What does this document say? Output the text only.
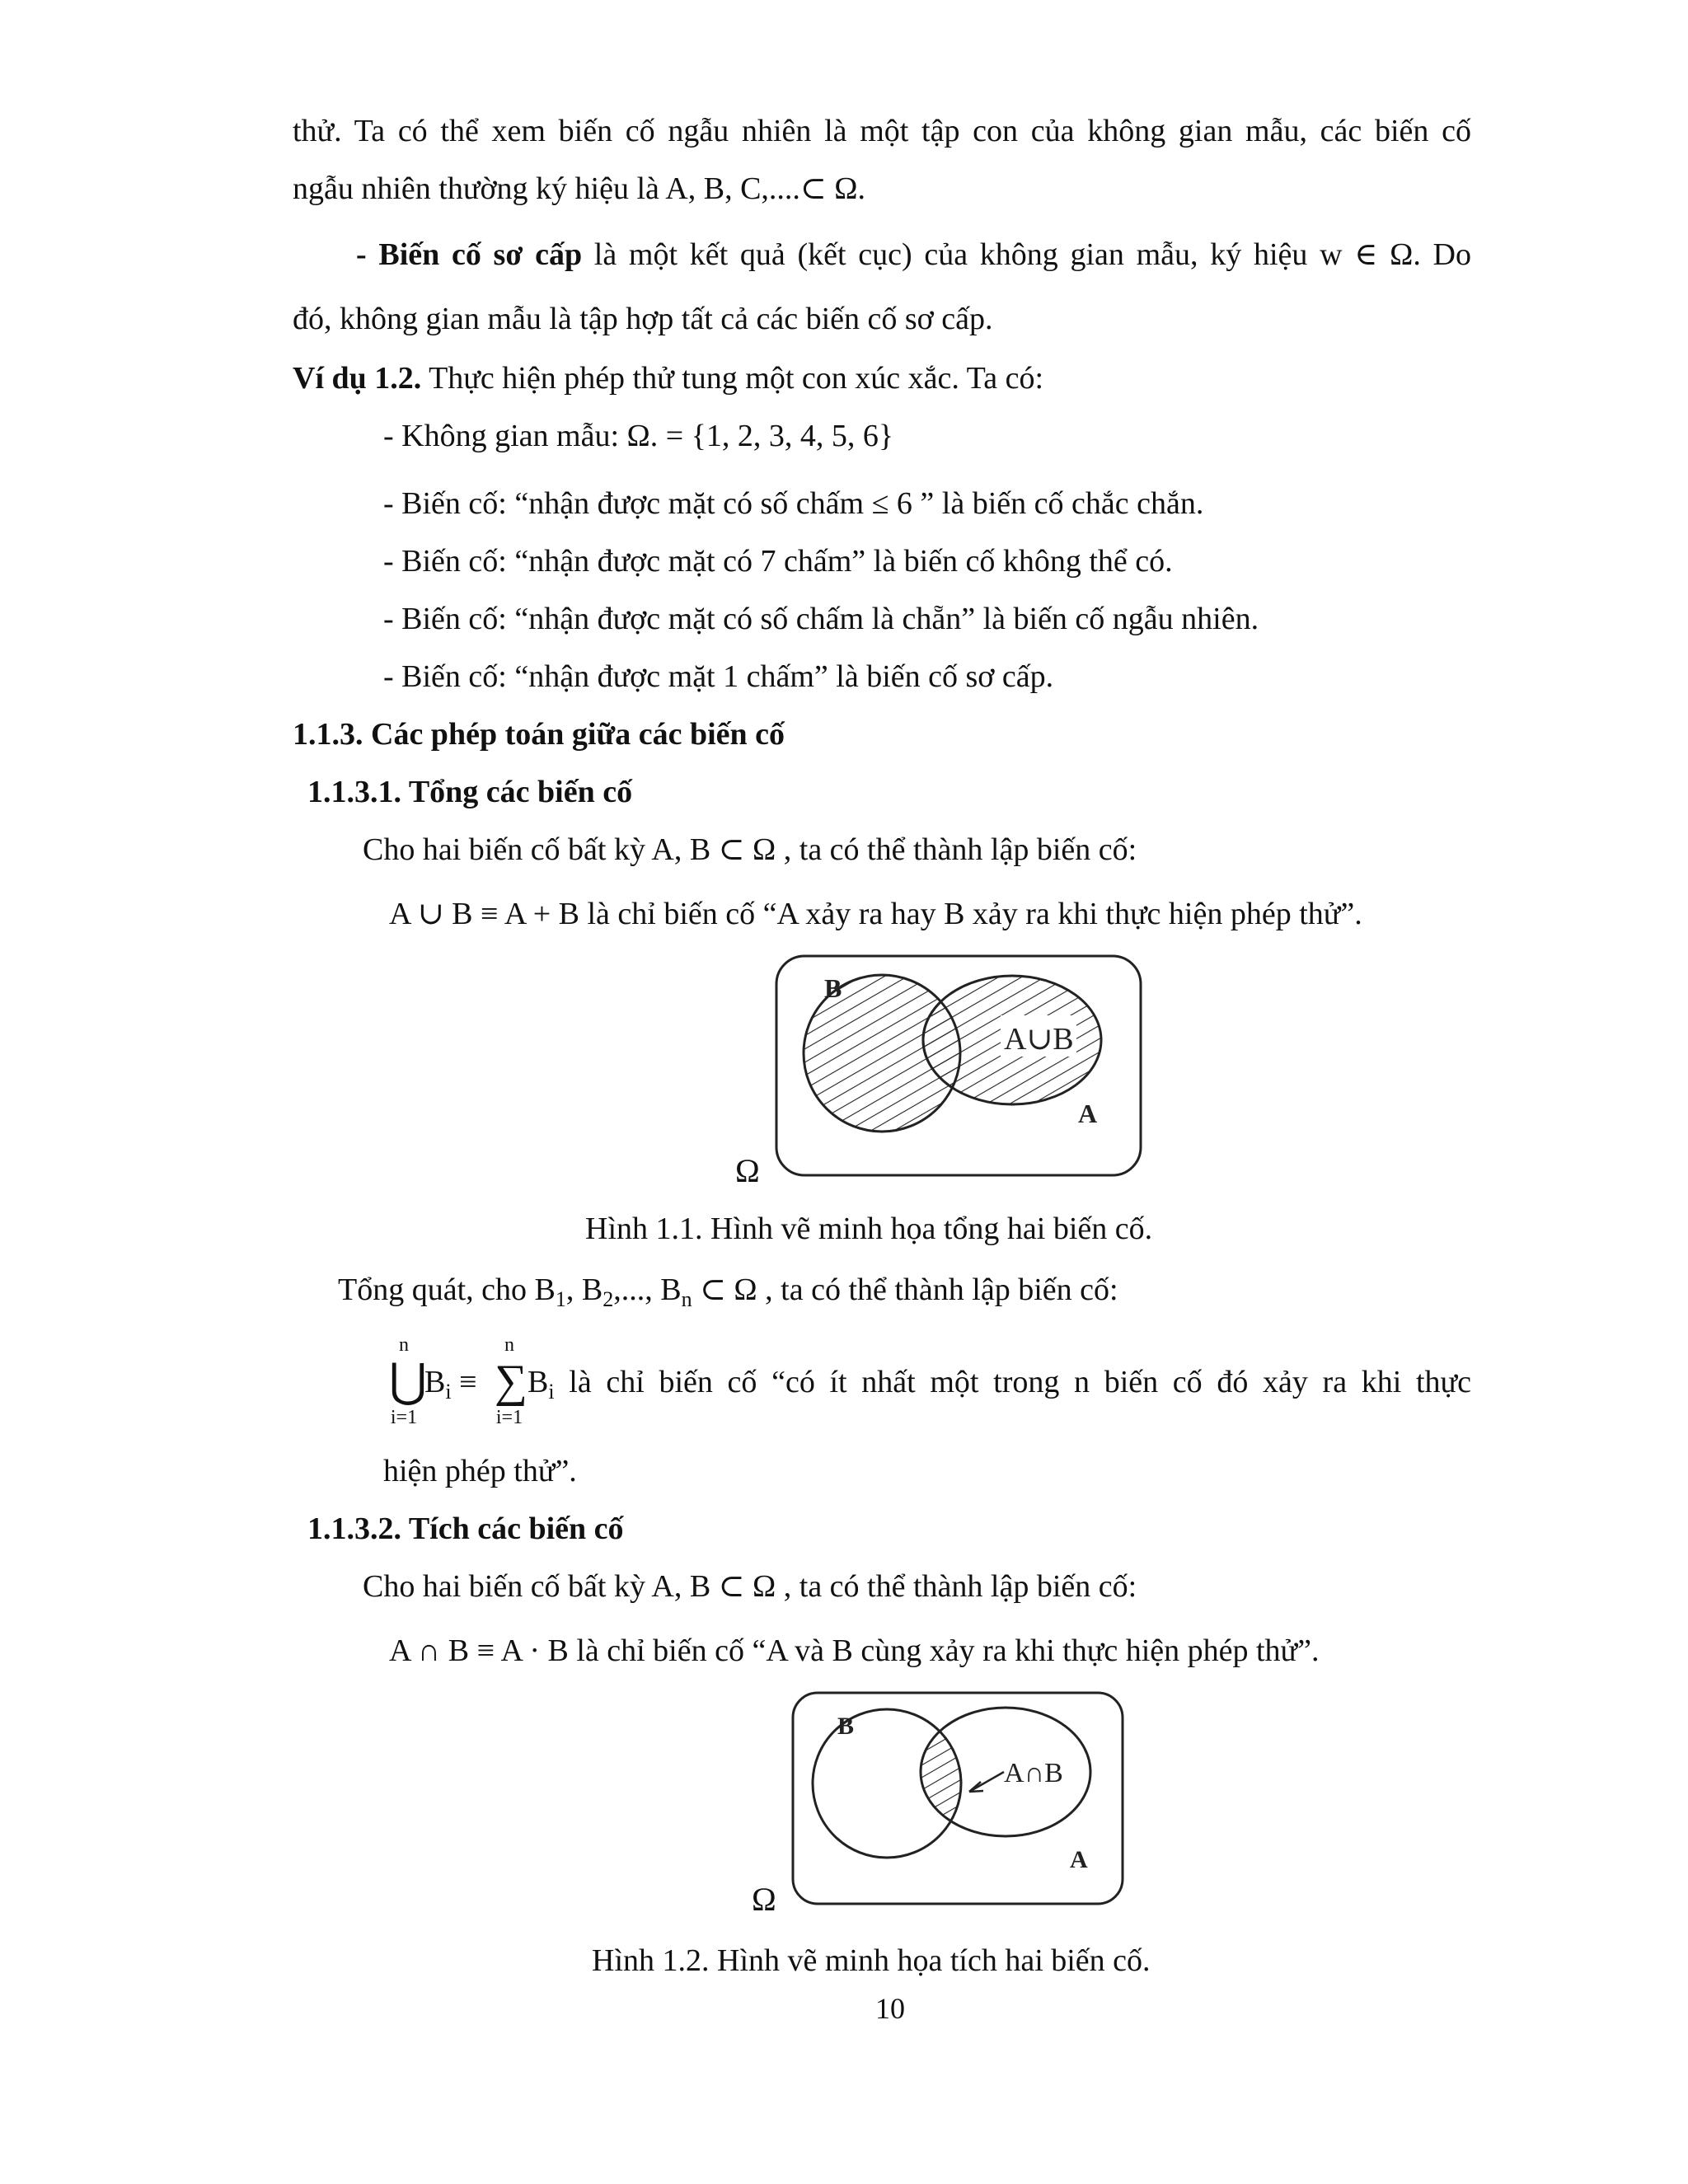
thử. Ta có thể xem biến cố ngẫu nhiên là một tập con của không gian mẫu, các biến cố
ngẫu nhiên thường ký hiệu là A, B, C,....⊂ Ω.
- Biến cố sơ cấp là một kết quả (kết cục) của không gian mẫu, ký hiệu w ∈ Ω. Do
đó, không gian mẫu là tập hợp tất cả các biến cố sơ cấp.
Ví dụ 1.2. Thực hiện phép thử tung một con xúc xắc. Ta có:
- Không gian mẫu: Ω. = {1, 2, 3, 4, 5, 6}
- Biến cố: “nhận được mặt có số chấm ≤ 6 ” là biến cố chắc chắn.
- Biến cố: “nhận được mặt có 7 chấm” là biến cố không thể có.
- Biến cố: “nhận được mặt có số chấm là chẵn” là biến cố ngẫu nhiên.
- Biến cố: “nhận được mặt 1 chấm” là biến cố sơ cấp.
1.1.3. Các phép toán giữa các biến cố
1.1.3.1. Tổng các biến cố
Cho hai biến cố bất kỳ A, B ⊂ Ω , ta có thể thành lập biến cố:
A ∪ B ≡ A + B là chỉ biến cố “A xảy ra hay B xảy ra khi thực hiện phép thử”.
A∪B
B
A
Ω
Hình 1.1. Hình vẽ minh họa tổng hai biến cố.
Tổng quát, cho $B_1$, $B_2$,..., $B_n$ ⊂ Ω , ta có thể thành lập biến cố:
n
⋃
i=1
$B_i$ ≡
n
∑
i=1
$B_i$ là chỉ biến cố “có ít nhất một trong n biến cố đó xảy ra khi thực
hiện phép thử”.
1.1.3.2. Tích các biến cố
Cho hai biến cố bất kỳ A, B ⊂ Ω , ta có thể thành lập biến cố:
A ∩ B ≡ A · B là chỉ biến cố “A và B cùng xảy ra khi thực hiện phép thử”.
A∩B
B
A
Ω
Hình 1.2. Hình vẽ minh họa tích hai biến cố.
10
